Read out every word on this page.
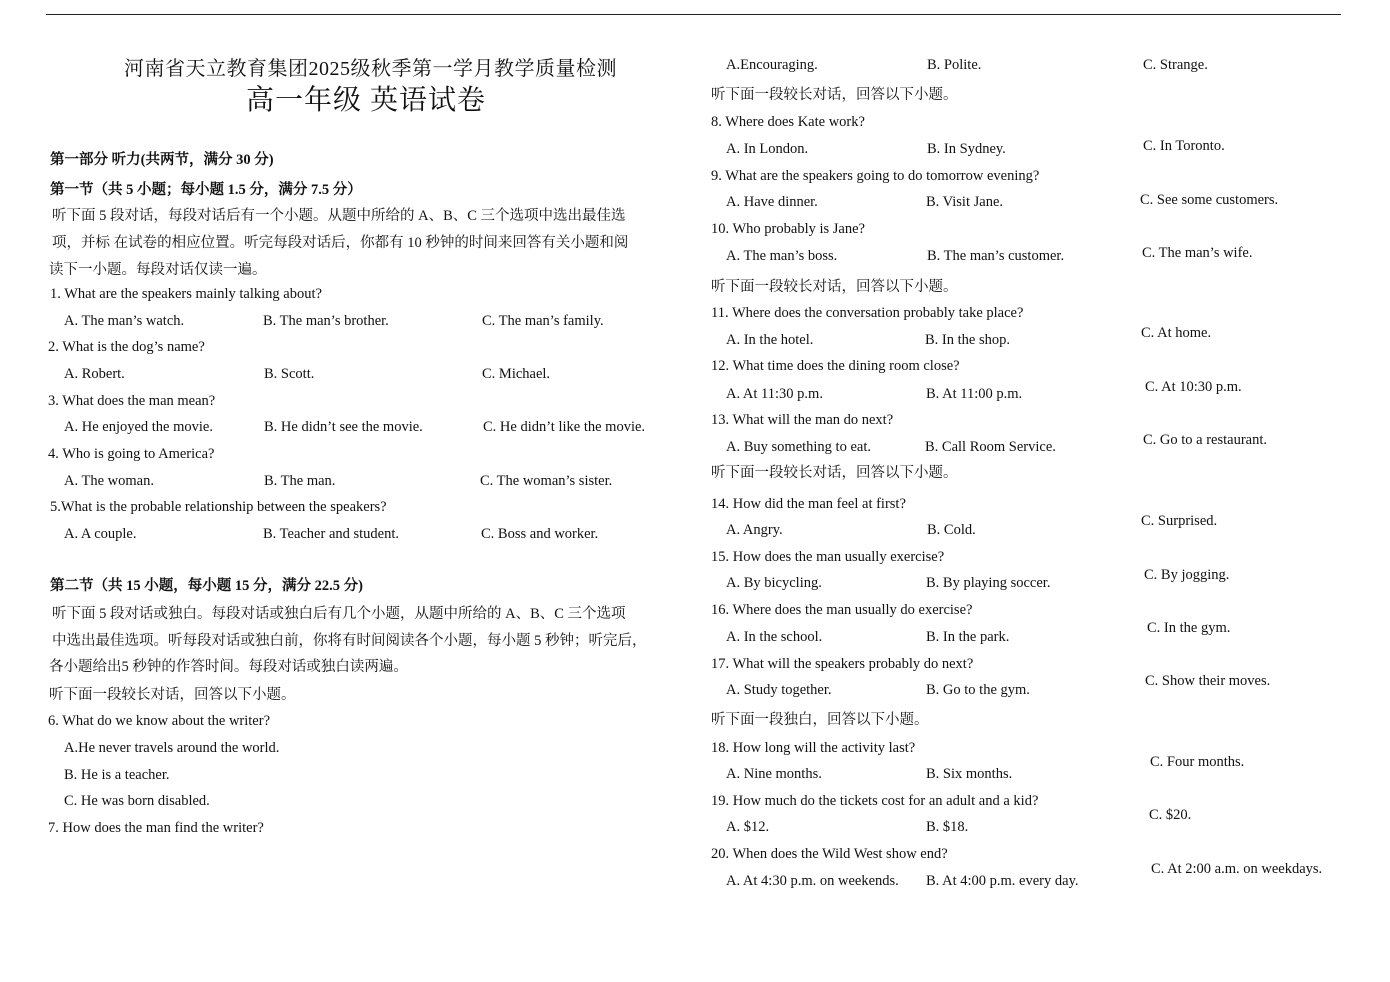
河南省天立教育集团2025级秋季第一学月教学质量检测
高一年级 英语试卷
第一部分 听力(共两节，满分 30 分)
第一节（共 5 小题；每小题 1.5 分，满分 7.5 分）
听下面 5 段对话，每段对话后有一个小题。从题中所给的 A、B、C 三个选项中选出最佳选
项，并标 在试卷的相应位置。听完每段对话后，你都有 10 秒钟的时间来回答有关小题和阅
读下一小题。每段对话仅读一遍。
1. What are the speakers mainly talking about?
A. The man’s watch.	B. The man’s brother.	C. The man’s family.
2. What is the dog’s name?
A. Robert.	B. Scott.	C. Michael.
3. What does the man mean?
A. He enjoyed the movie.	B. He didn’t see the movie.	C. He didn’t like the movie.
4. Who is going to America?
A. The woman.	B. The man.	C. The woman’s sister.
5.What is the probable relationship between the speakers?
A. A couple.	B. Teacher and student.	C. Boss and worker.
第二节（共 15 小题，每小题 15 分，满分 22.5 分)
听下面 5 段对话或独白。每段对话或独白后有几个小题，从题中所给的 A、B、C 三个选项
中选出最佳选项。听每段对话或独白前，你将有时间阅读各个小题，每小题 5 秒钟；听完后，
各小题给出5 秒钟的作答时间。每段对话或独白读两遍。
听下面一段较长对话，回答以下小题。
6. What do we know about the writer?
A.He never travels around the world.
B. He is a teacher.
C. He was born disabled.
7. How does the man find the writer?
A.Encouraging.	B. Polite.	C. Strange.
听下面一段较长对话，回答以下小题。
8. Where does Kate work?
A. In London.	B. In Sydney.	C. In Toronto.
9. What are the speakers going to do tomorrow evening?
A. Have dinner.	B. Visit Jane.	C. See some customers.
10. Who probably is Jane?
A. The man’s boss.	B. The man’s customer.	C. The man’s wife.
听下面一段较长对话，回答以下小题。
11. Where does the conversation probably take place?
A. In the hotel.	B. In the shop.	C. At home.
12. What time does the dining room close?
A. At 11:30 p.m.	B. At 11:00 p.m.	C. At 10:30 p.m.
13. What will the man do next?
A. Buy something to eat.	B. Call Room Service.	C. Go to a restaurant.
听下面一段较长对话，回答以下小题。
14. How did the man feel at first?
A. Angry.	B. Cold.
C. Surprised.
15. How does the man usually exercise?
A. By bicycling.	B. By playing soccer.	C. By jogging.
16. Where does the man usually do exercise?
A. In the school.	B. In the park.
C. In the gym.
17. What will the speakers probably do next?
A. Study together.	B. Go to the gym.
C. Show their moves.
听下面一段独白，回答以下小题。
18. How long will the activity last?
A. Nine months.	B. Six months.
C. Four months.
19. How much do the tickets cost for an adult and a kid?
A. $12.	B. $18.
C. $20.
20. When does the Wild West show end?
A. At 4:30 p.m. on weekends. B. At 4:00 p.m. every day.
C. At 2:00 a.m. on weekdays.
